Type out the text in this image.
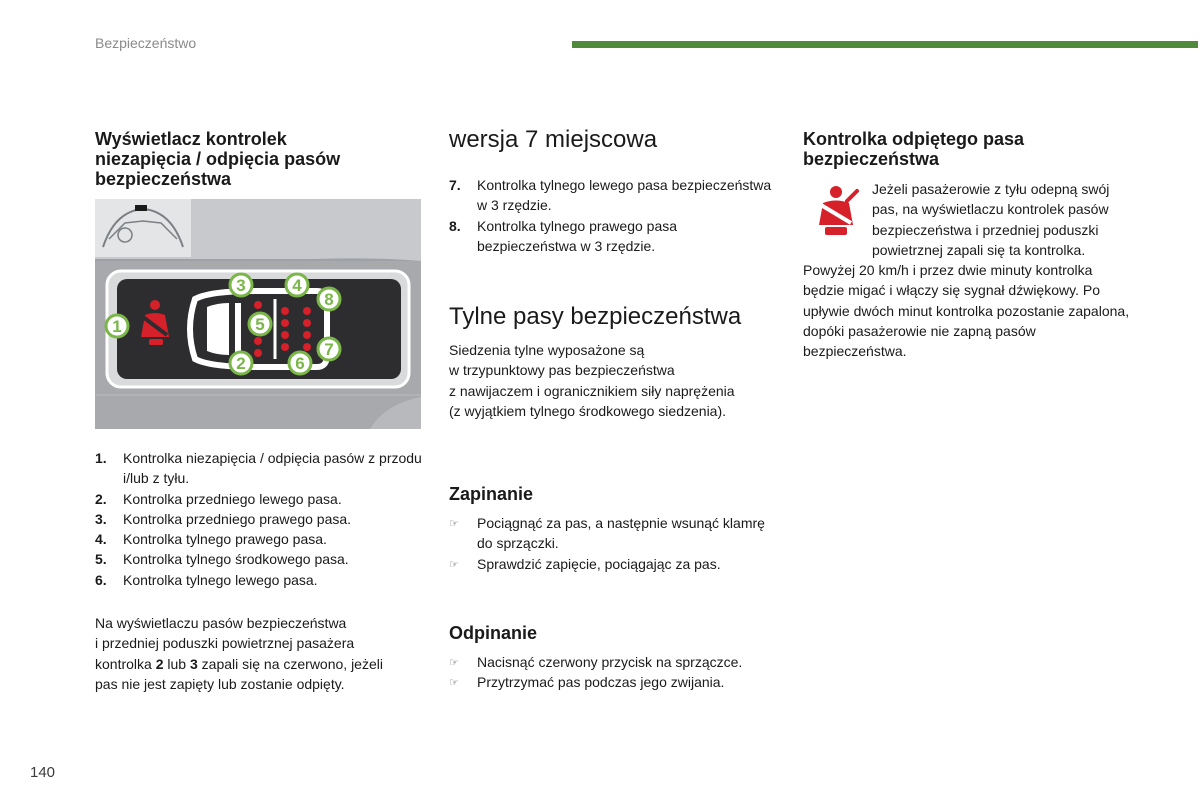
Bezpieczeństwo
Wyświetlacz kontrolek
niezapięcia / odpięcia pasów
bezpieczeństwa
1
2
3	4
5
6
7
8
1. Kontrolka niezapięcia / odpięcia pasów z przodu i/lub z tyłu.
2. Kontrolka przedniego lewego pasa.
3. Kontrolka przedniego prawego pasa.
4. Kontrolka tylnego prawego pasa.
5. Kontrolka tylnego środkowego pasa.
6. Kontrolka tylnego lewego pasa.
Na wyświetlaczu pasów bezpieczeństwa
i przedniej poduszki powietrznej pasażera
kontrolka 2 lub 3 zapali się na czerwono, jeżeli
pas nie jest zapięty lub zostanie odpięty.
wersja 7 miejscowa
7. Kontrolka tylnego lewego pasa bezpieczeństwa w 3 rzędzie.
8. Kontrolka tylnego prawego pasa bezpieczeństwa w 3 rzędzie.
Tylne pasy bezpieczeństwa
Siedzenia tylne wyposażone są
w trzypunktowy pas bezpieczeństwa
z nawijaczem i ogranicznikiem siły naprężenia
(z wyjątkiem tylnego środkowego siedzenia).
Zapinanie
☞ Pociągnąć za pas, a następnie wsunąć klamrę do sprzączki.
☞ Sprawdzić zapięcie, pociągając za pas.
Odpinanie
☞ Nacisnąć czerwony przycisk na sprzączce.
☞ Przytrzymać pas podczas jego zwijania.
Kontrolka odpiętego pasa
bezpieczeństwa
Jeżeli pasażerowie z tyłu odepną swój pas, na wyświetlaczu kontrolek pasów bezpieczeństwa i przedniej poduszki powietrznej zapali się ta kontrolka.
Powyżej 20 km/h i przez dwie minuty kontrolka będzie migać i włączy się sygnał dźwiękowy. Po upływie dwóch minut kontrolka pozostanie zapalona, dopóki pasażerowie nie zapną pasów bezpieczeństwa.
140
